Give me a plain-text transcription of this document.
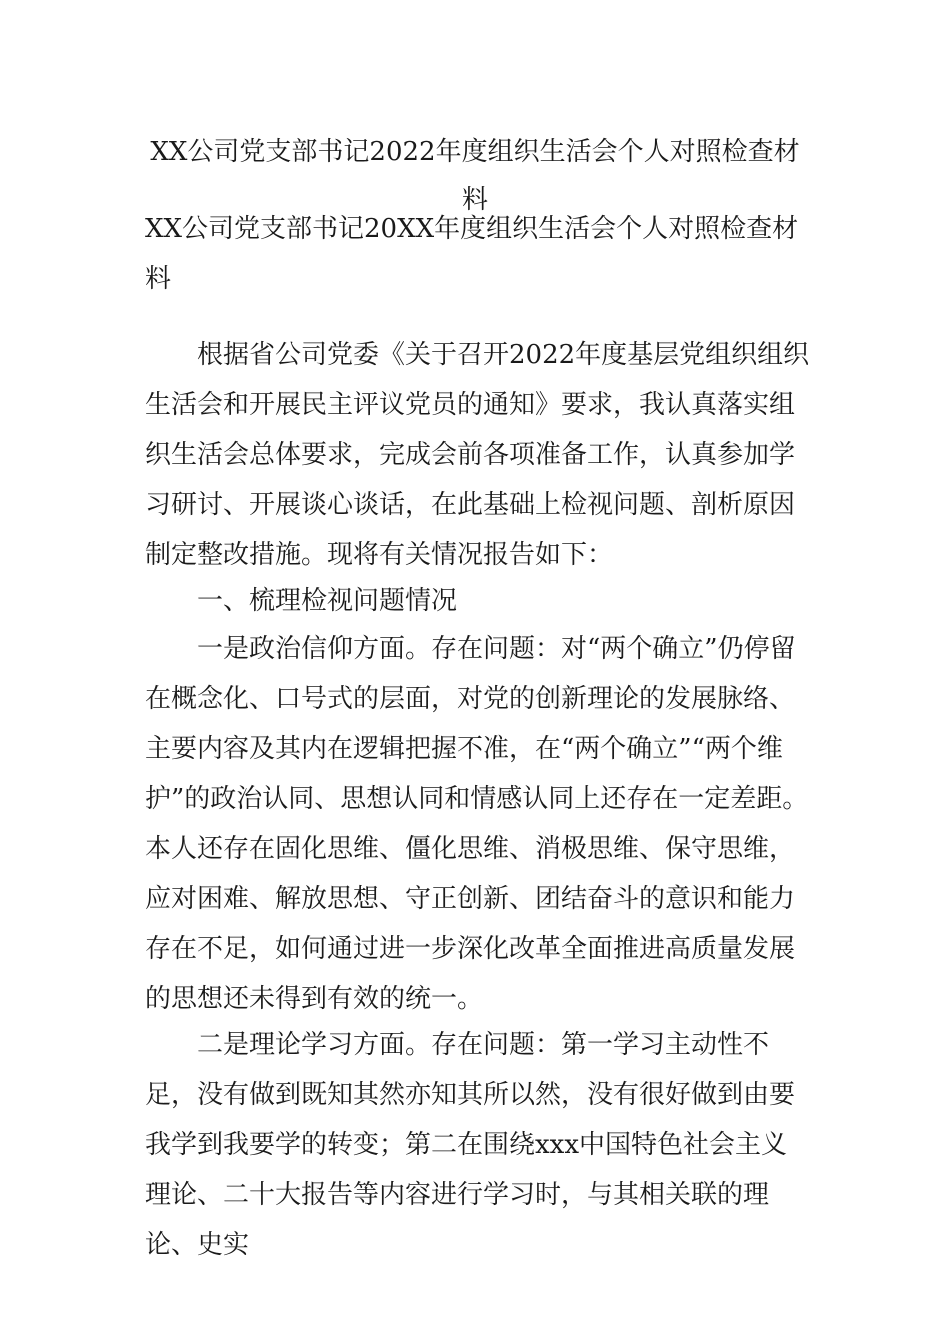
XX公司党支部书记2022年度组织生活会个人对照检查材料

XX公司党支部书记20XX年度组织生活会个人对照检查材料

根据省公司党委《关于召开2022年度基层党组织组织生活会和开展民主评议党员的通知》要求，我认真落实组织生活会总体要求，完成会前各项准备工作，认真参加学习研讨、开展谈心谈话，在此基础上检视问题、剖析原因制定整改措施。现将有关情况报告如下：

一、梳理检视问题情况

一是政治信仰方面。存在问题：对“两个确立”仍停留在概念化、口号式的层面，对党的创新理论的发展脉络、主要内容及其内在逻辑把握不准，在“两个确立”“两个维护”的政治认同、思想认同和情感认同上还存在一定差距。本人还存在固化思维、僵化思维、消极思维、保守思维，应对困难、解放思想、守正创新、团结奋斗的意识和能力存在不足，如何通过进一步深化改革全面推进高质量发展的思想还未得到有效的统一。

二是理论学习方面。存在问题：第一学习主动性不足，没有做到既知其然亦知其所以然，没有很好做到由要我学到我要学的转变；第二在围绕xxx中国特色社会主义理论、二十大报告等内容进行学习时，与其相关联的理论、史实
